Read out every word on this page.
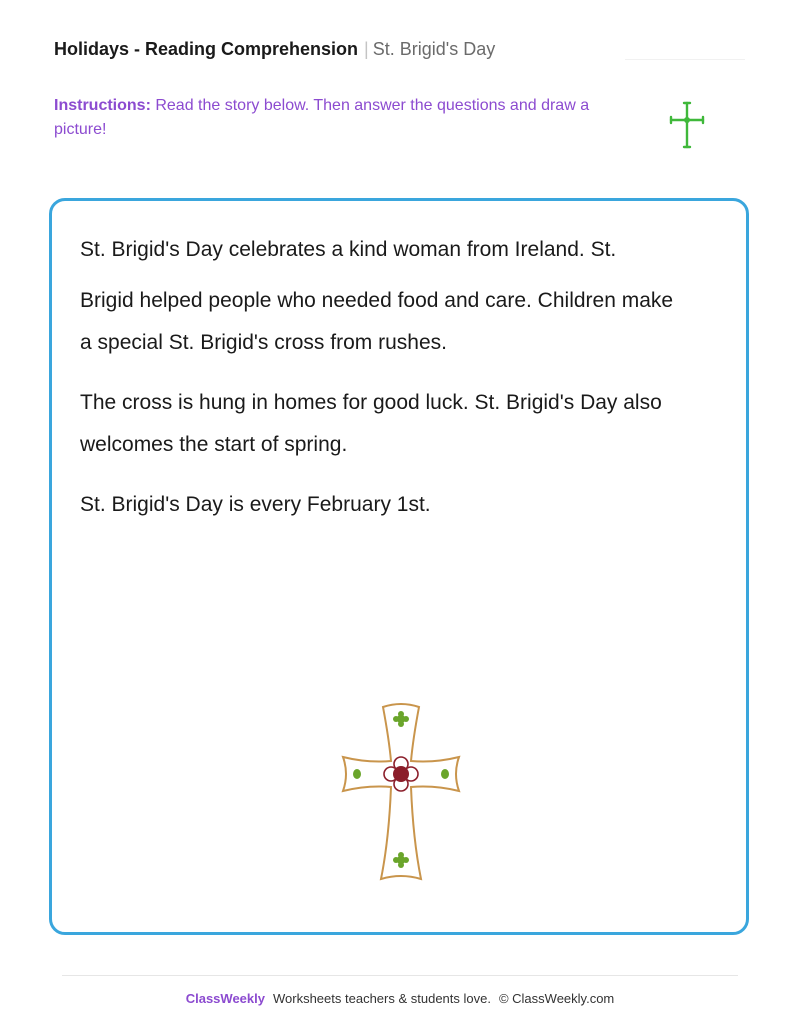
Holidays - Reading Comprehension | St. Brigid's Day
Instructions: Read the story below. Then answer the questions and draw a picture!

St. Brigid's Day celebrates a kind woman from Ireland. St.

Brigid helped people who needed food and care. Children make a special St. Brigid's cross from rushes.

The cross is hung in homes for good luck. St. Brigid's Day also welcomes the start of spring.

St. Brigid's Day is every February 1st.

ClassWeekly Worksheets teachers & students love. © ClassWeekly.com
